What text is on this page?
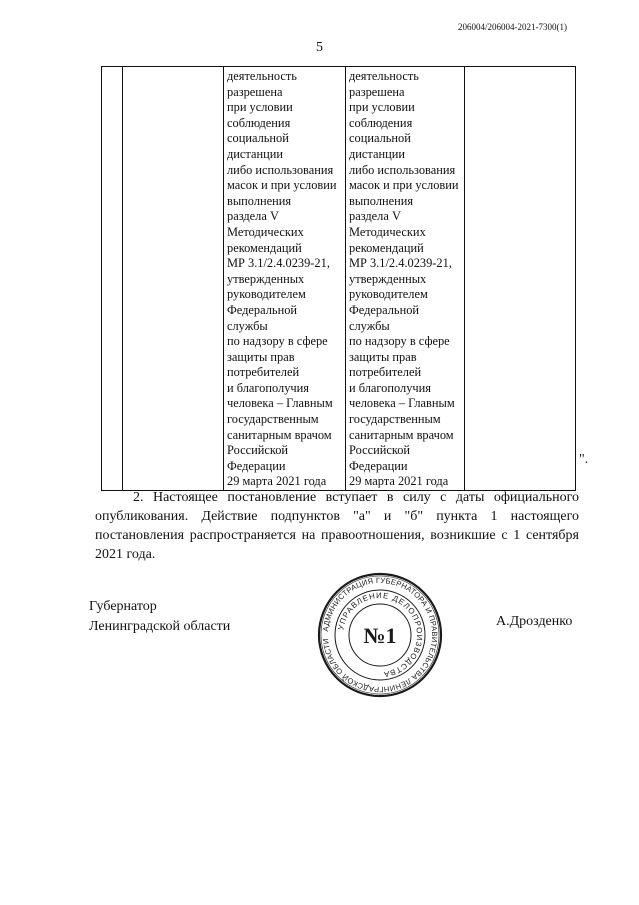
206004/206004-2021-7300(1)
5

деятельность
разрешена
при условии
соблюдения
социальной
дистанции
либо использования
масок и при условии
выполнения
раздела V
Методических
рекомендаций
МР 3.1/2.4.0239-21,
утвержденных
руководителем
Федеральной
службы
по надзору в сфере
защиты прав
потребителей
и благополучия
человека – Главным
государственным
санитарным врачом
Российской
Федерации
29 марта 2021 года

деятельность
разрешена
при условии
соблюдения
социальной
дистанции
либо использования
масок и при условии
выполнения
раздела V
Методических
рекомендаций
МР 3.1/2.4.0239-21,
утвержденных
руководителем
Федеральной
службы
по надзору в сфере
защиты прав
потребителей
и благополучия
человека – Главным
государственным
санитарным врачом
Российской
Федерации
29 марта 2021 года

".

2. Настоящее постановление вступает в силу с даты официального опубликования. Действие подпунктов "а" и "б" пункта 1 настоящего постановления распространяется на правоотношения, возникшие с 1 сентября 2021 года.

Губернатор
Ленинградской области	А.Дрозденко
АДМИНИСТРАЦИЯ ГУБЕРНАТОРА И ПРАВИТЕЛЬСТВА ЛЕНИНГРАДСКОЙ ОБЛАСТИ
УПРАВЛЕНИЕ ДЕЛОПРОИЗВОДСТВА
№1
